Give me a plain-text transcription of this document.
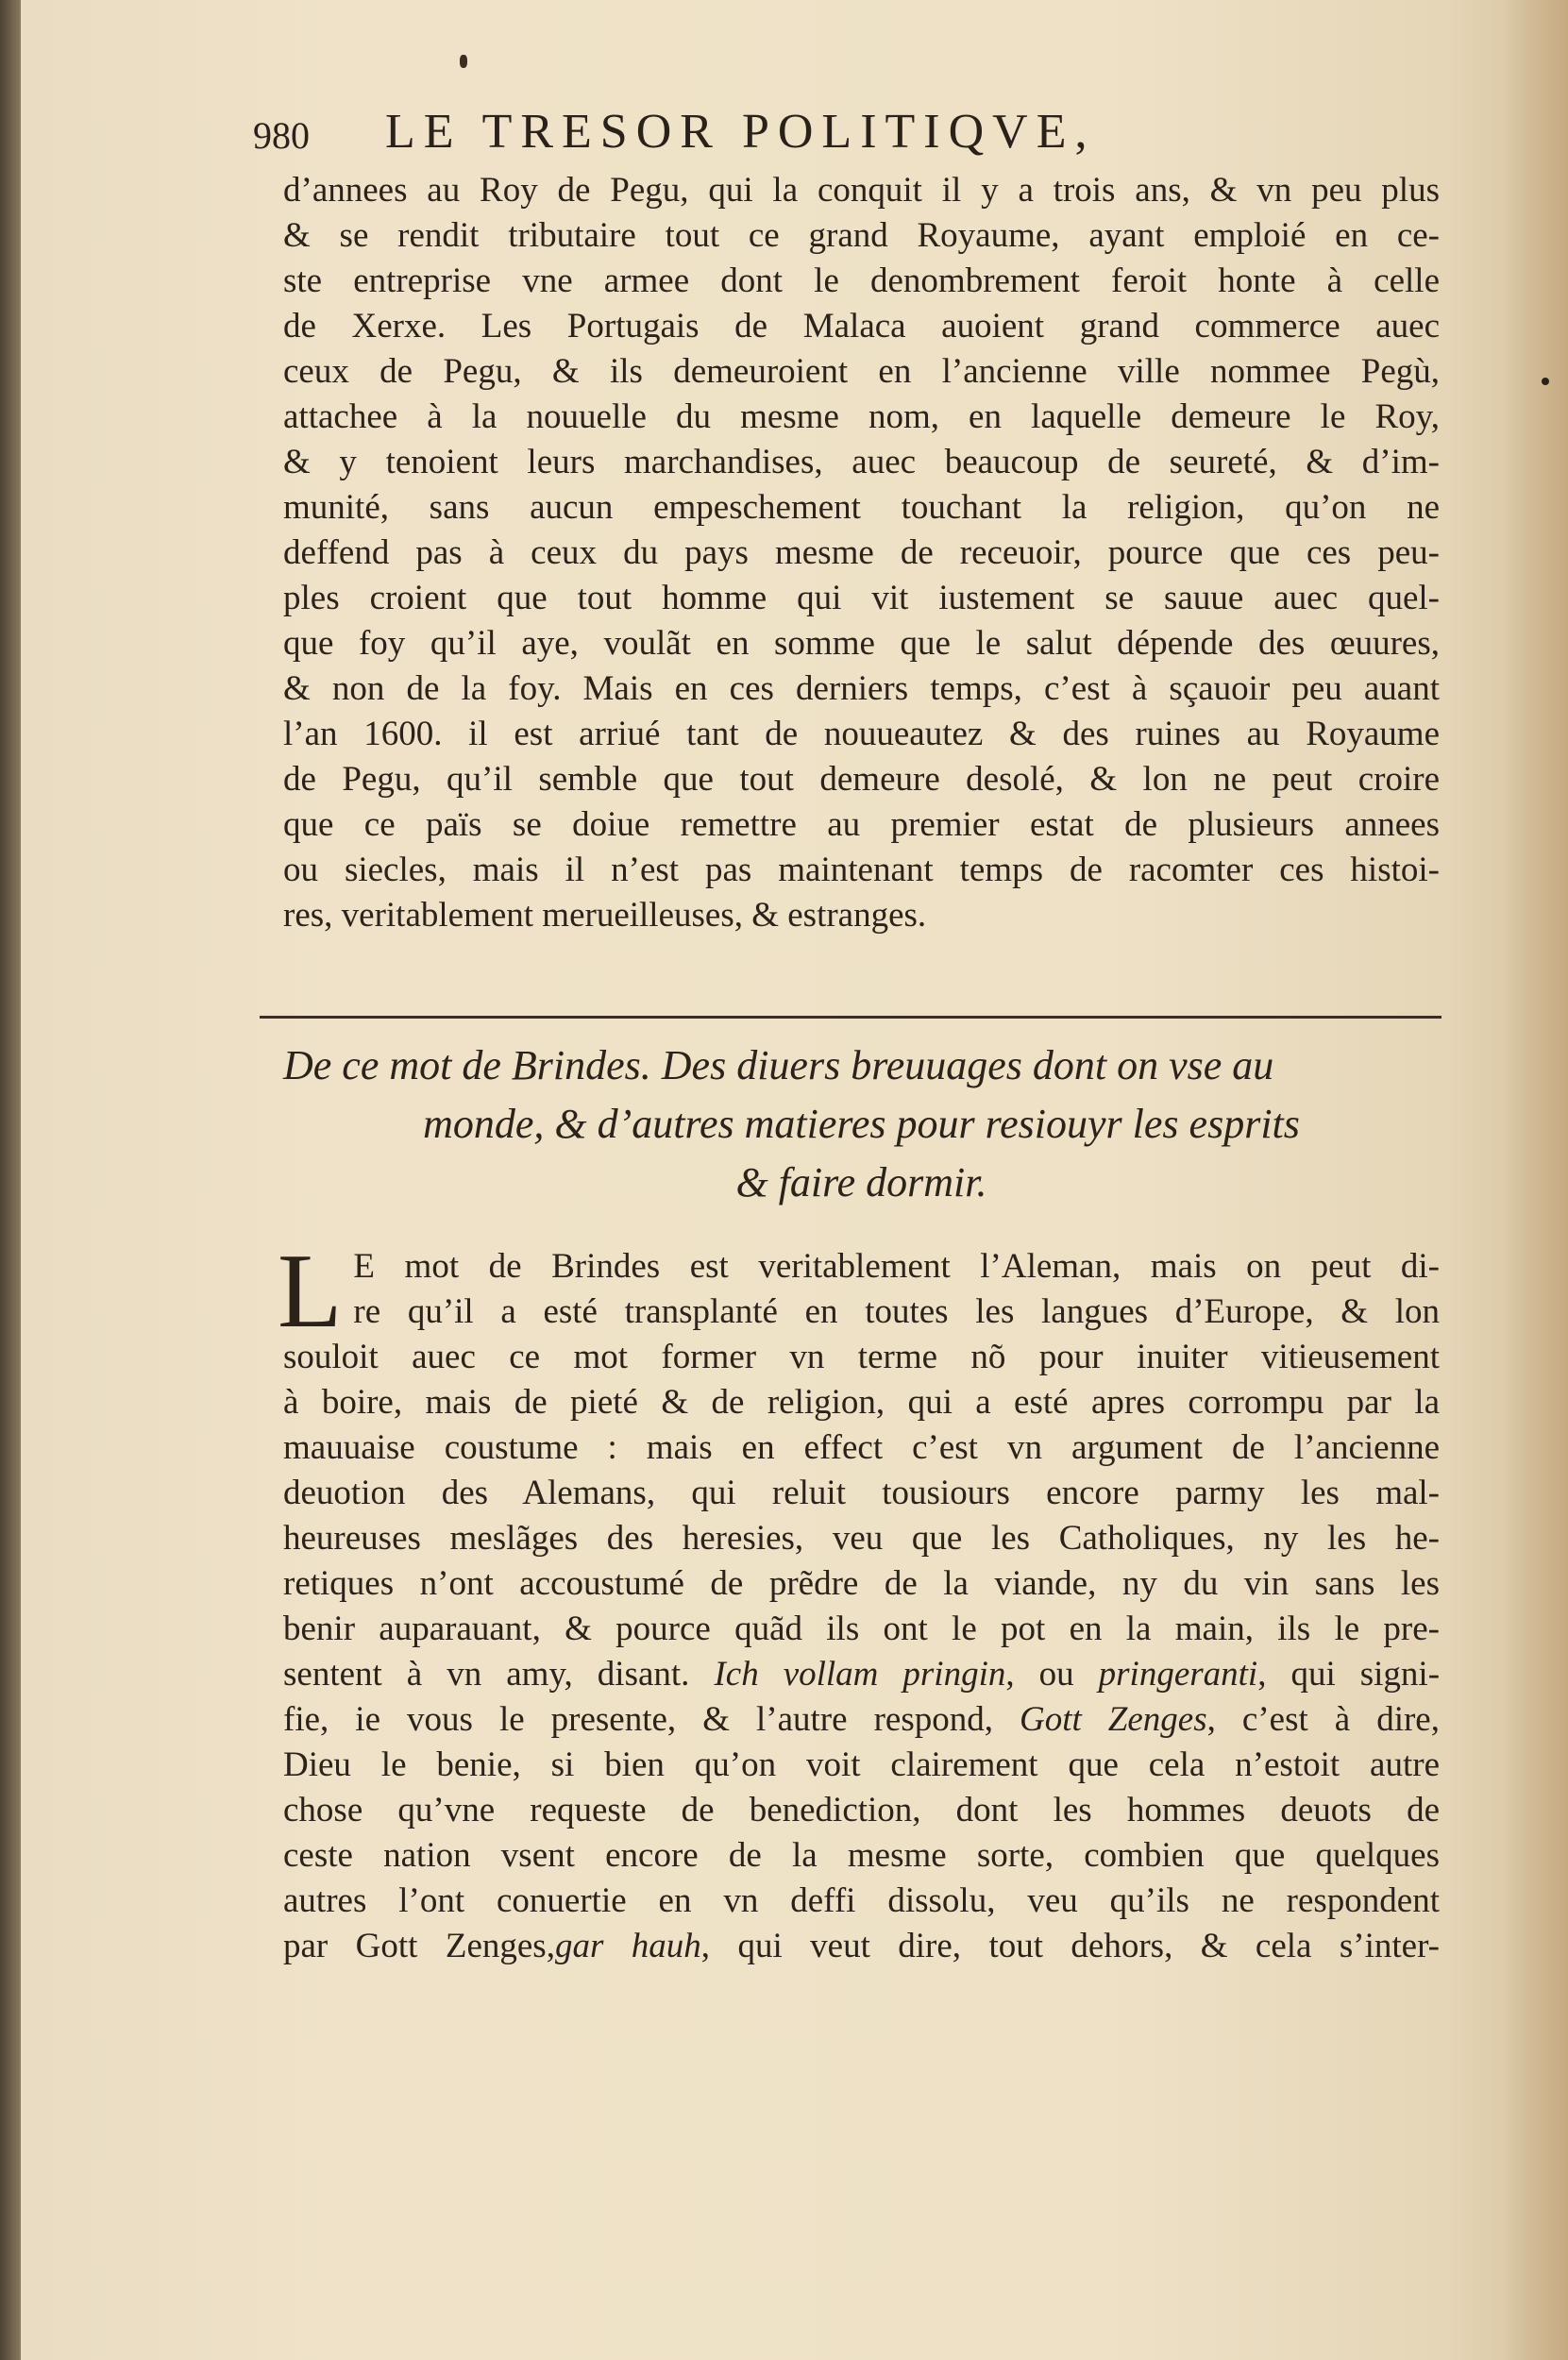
980 LE TRESOR POLITIQVE,
d’annees au Roy de Pegu, qui la conquit il y a trois ans, & vn peu plus
& se rendit tributaire tout ce grand Royaume, ayant emploié en ce-
ste entreprise vne armee dont le denombrement feroit honte à celle
de Xerxe. Les Portugais de Malaca auoient grand commerce auec
ceux de Pegu, & ils demeuroient en l’ancienne ville nommee Pegù,
attachee à la nouuelle du mesme nom, en laquelle demeure le Roy,
& y tenoient leurs marchandises, auec beaucoup de seureté, & d’im-
munité, sans aucun empeschement touchant la religion, qu’on ne
deffend pas à ceux du pays mesme de receuoir, pource que ces peu-
ples croient que tout homme qui vit iustement se sauue auec quel-
que foy qu’il aye, voulãt en somme que le salut dépende des œuures,
& non de la foy. Mais en ces derniers temps, c’est à sçauoir peu auant
l’an 1600. il est arriué tant de nouueautez & des ruines au Royaume
de Pegu, qu’il semble que tout demeure desolé, & lon ne peut croire
que ce païs se doiue remettre au premier estat de plusieurs annees
ou siecles, mais il n’est pas maintenant temps de racomter ces histoi-
res, veritablement merueilleuses, & estranges.
De ce mot de Brindes. Des diuers breuuages dont on vse au
monde, & d’autres matieres pour resiouyr les esprits
& faire dormir.
L E mot de Brindes est veritablement l’Aleman, mais on peut di-
re qu’il a esté transplanté en toutes les langues d’Europe, & lon
souloit auec ce mot former vn terme nõ pour inuiter vitieusement
à boire, mais de pieté & de religion, qui a esté apres corrompu par la
mauuaise coustume : mais en effect c’est vn argument de l’ancienne
deuotion des Alemans, qui reluit tousiours encore parmy les mal-
heureuses meslãges des heresies, veu que les Catholiques, ny les he-
retiques n’ont accoustumé de prẽdre de la viande, ny du vin sans les
benir auparauant, & pource quãd ils ont le pot en la main, ils le pre-
sentent à vn amy, disant. Ich vollam pringin, ou pringeranti, qui signi-
fie, ie vous le presente, & l’autre respond, Gott Zenges, c’est à dire,
Dieu le benie, si bien qu’on voit clairement que cela n’estoit autre
chose qu’vne requeste de benediction, dont les hommes deuots de
ceste nation vsent encore de la mesme sorte, combien que quelques
autres l’ont conuertie en vn deffi dissolu, veu qu’ils ne respondent
par Gott Zenges,gar hauh, qui veut dire, tout dehors, & cela s’inter-
